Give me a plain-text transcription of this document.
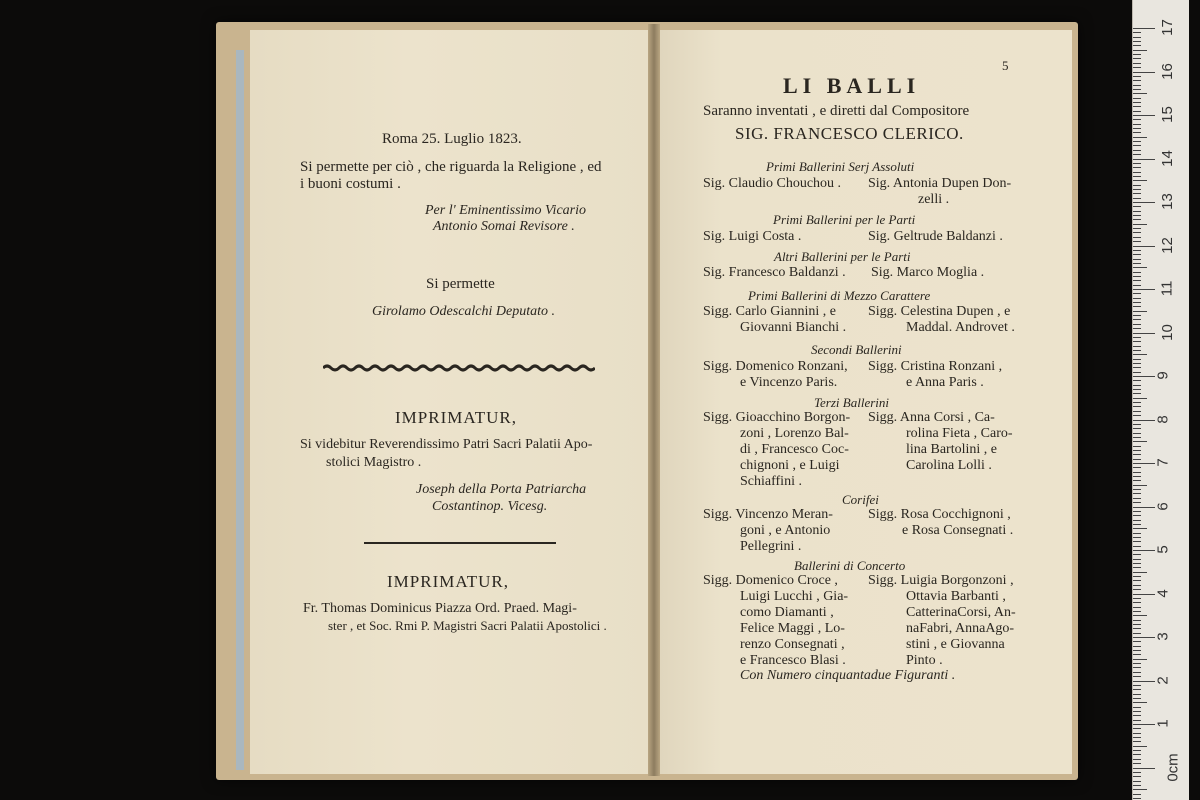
Roma 25. Luglio 1823.
Si permette per ciò , che riguarda la Religione , ed
i buoni costumi .
Per l' Eminentissimo Vicario
Antonio Somai Revisore .
Si permette
Girolamo Odescalchi Deputato .
IMPRIMATUR,
Si videbitur Reverendissimo Patri Sacri Palatii Apo-
stolici Magistro .
Joseph della Porta Patriarcha
Costantinop. Vicesg.
IMPRIMATUR,
Fr. Thomas Dominicus Piazza Ord. Praed. Magi-
ster , et Soc. Rmi P. Magistri Sacri Palatii Apostolici .
5
LI BALLI
Saranno inventati , e diretti dal Compositore
SIG. FRANCESCO CLERICO.
Primi Ballerini Serj Assoluti
Sig. Claudio Chouchou . Sig. Antonia Dupen Don-
zelli .
Primi Ballerini per le Parti
Sig. Luigi Costa .	Sig. Geltrude Baldanzi .
Altri Ballerini per le Parti
Sig. Francesco Baldanzi . Sig. Marco Moglia .
Primi Ballerini di Mezzo Carattere
Sigg. Carlo Giannini , e
Giovanni Bianchi .
Sigg. Celestina Dupen , e
Maddal. Androvet .
Secondi Ballerini
Sigg. Domenico Ronzani,
e Vincenzo Paris.
Sigg. Cristina Ronzani ,
e Anna Paris .
Terzi Ballerini
Sigg. Gioacchino Borgon-
zoni , Lorenzo Bal-
di , Francesco Coc-
chignoni , e Luigi
Schiaffini .
Sigg. Anna Corsi , Ca-
rolina Fieta , Caro-
lina Bartolini , e
Carolina Lolli .
Corifei
Sigg. Vincenzo Meran-
goni , e Antonio
Pellegrini .
Sigg. Rosa Cocchignoni ,
e Rosa Consegnati .
Ballerini di Concerto
Sigg. Domenico Croce ,
Luigi Lucchi , Gia-
como Diamanti ,
Felice Maggi , Lo-
renzo Consegnati ,
e Francesco Blasi .
Sigg. Luigia Borgonzoni ,
Ottavia Barbanti ,
CatterinaCorsi, An-
naFabri, AnnaAgo-
stini , e Giovanna
Pinto .
Con Numero cinquantadue Figuranti .
17
16
15
14
13
12
11
10
9
8
7
6
5
4
3
2
1
0cm
